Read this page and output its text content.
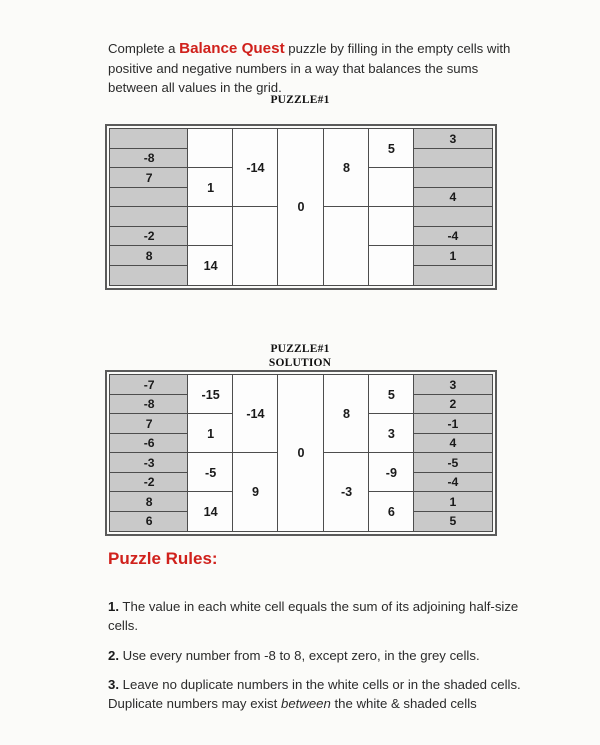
Complete a Balance Quest puzzle by filling in the empty cells with positive and negative numbers in a way that balances the sums between all values in the grid.

PUZZLE#1
-8
7
-2
8
1
14
-14
0
8
5
3
4
-4
1
PUZZLE#1
SOLUTION
-7
-8
7
-6
-3
-2
8
6
-15
1
-5
14
-14
9
0
8
-3
5
3
-9
6
3
2
-1
4
-5
-4
1
5
Puzzle Rules:

1. The value in each white cell equals the sum of its adjoining half-size cells.

2. Use every number from -8 to 8, except zero, in the grey cells.

3. Leave no duplicate numbers in the white cells or in the shaded cells. Duplicate numbers may exist between the white & shaded cells
